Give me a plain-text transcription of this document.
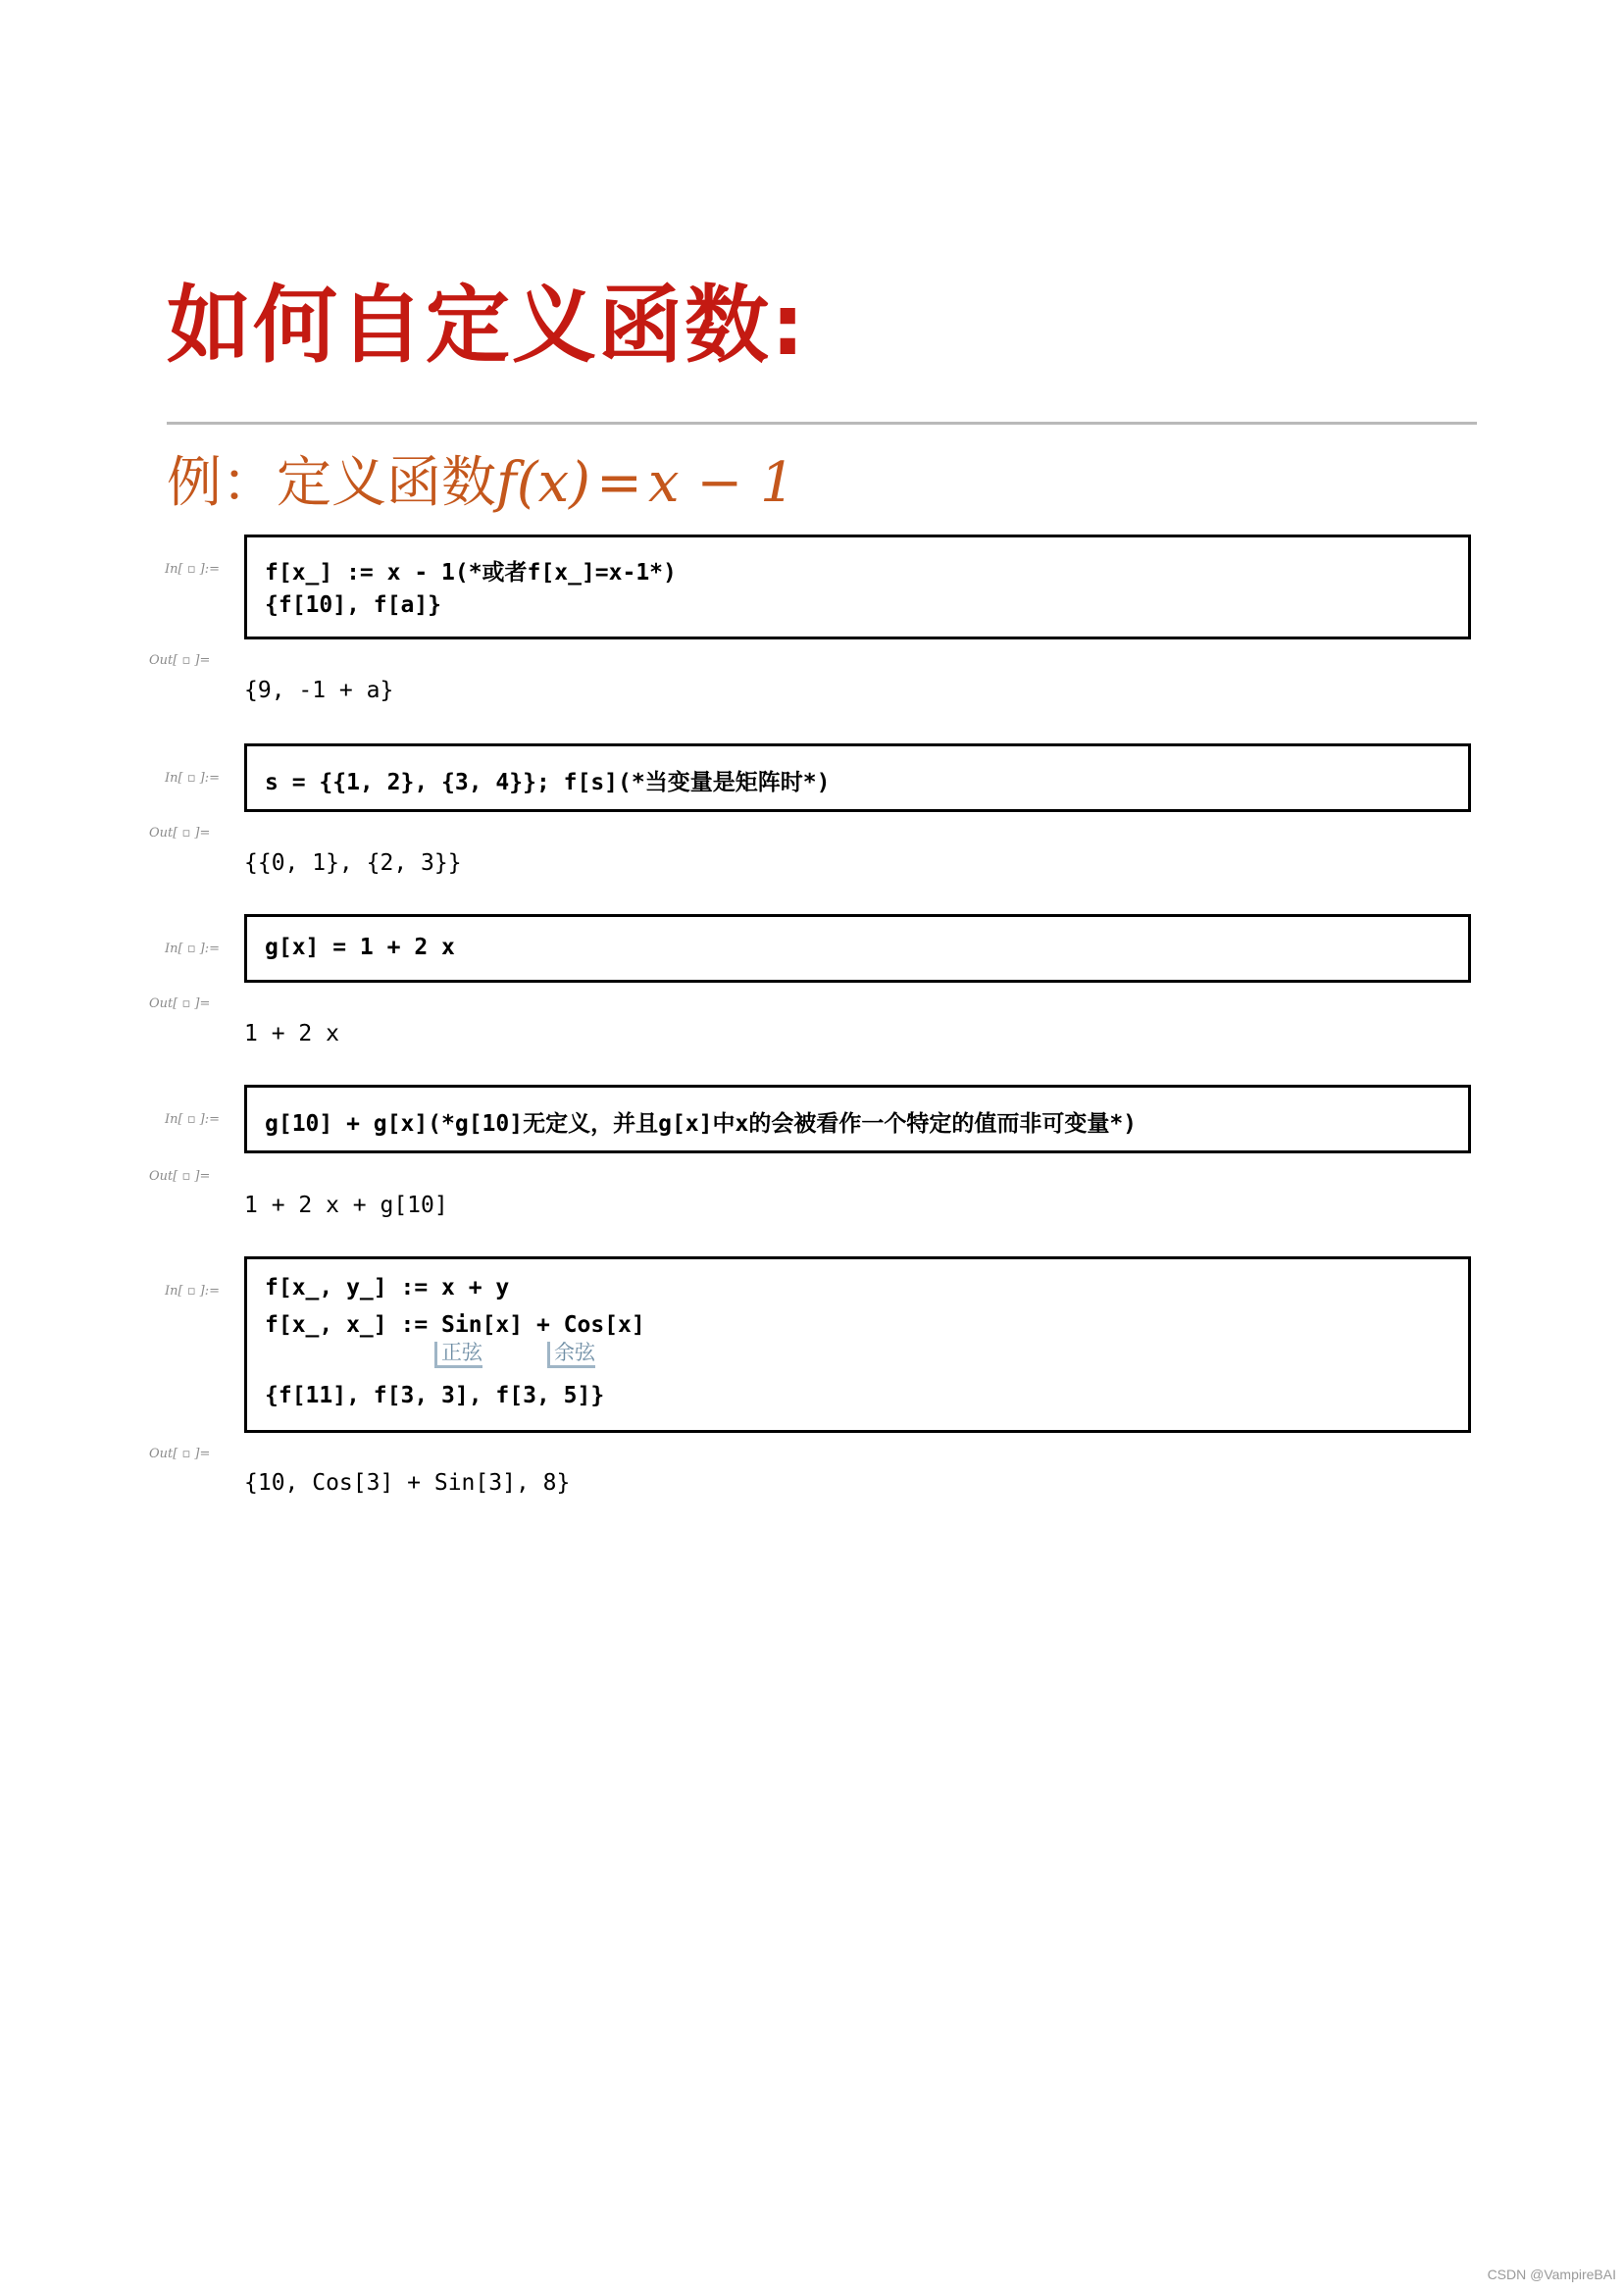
如何自定义函数:
例：定义函数f(x) = x − 1
In[ ▫ ]:= f[x_] := x - 1(*或者f[x_]=x-1*)
{f[10], f[a]}
Out[ ▫ ]=
{9, -1 + a}
In[ ▫ ]:= s = {{1, 2}, {3, 4}}; f[s](*当变量是矩阵时*)
Out[ ▫ ]=
{{0, 1}, {2, 3}}
In[ ▫ ]:= g[x] = 1 + 2 x
Out[ ▫ ]=
1 + 2 x
In[ ▫ ]:= g[10] + g[x](*g[10]无定义，并且g[x]中x的会被看作一个特定的值而非可变量*)
Out[ ▫ ]=
1 + 2 x + g[10]
In[ ▫ ]:= f[x_, y_] := x + y
f[x_, x_] := Sin[x] + Cos[x]
正弦	余弦
{f[11], f[3, 3], f[3, 5]}
Out[ ▫ ]=
{10, Cos[3] + Sin[3], 8}
CSDN @VampireBAI
